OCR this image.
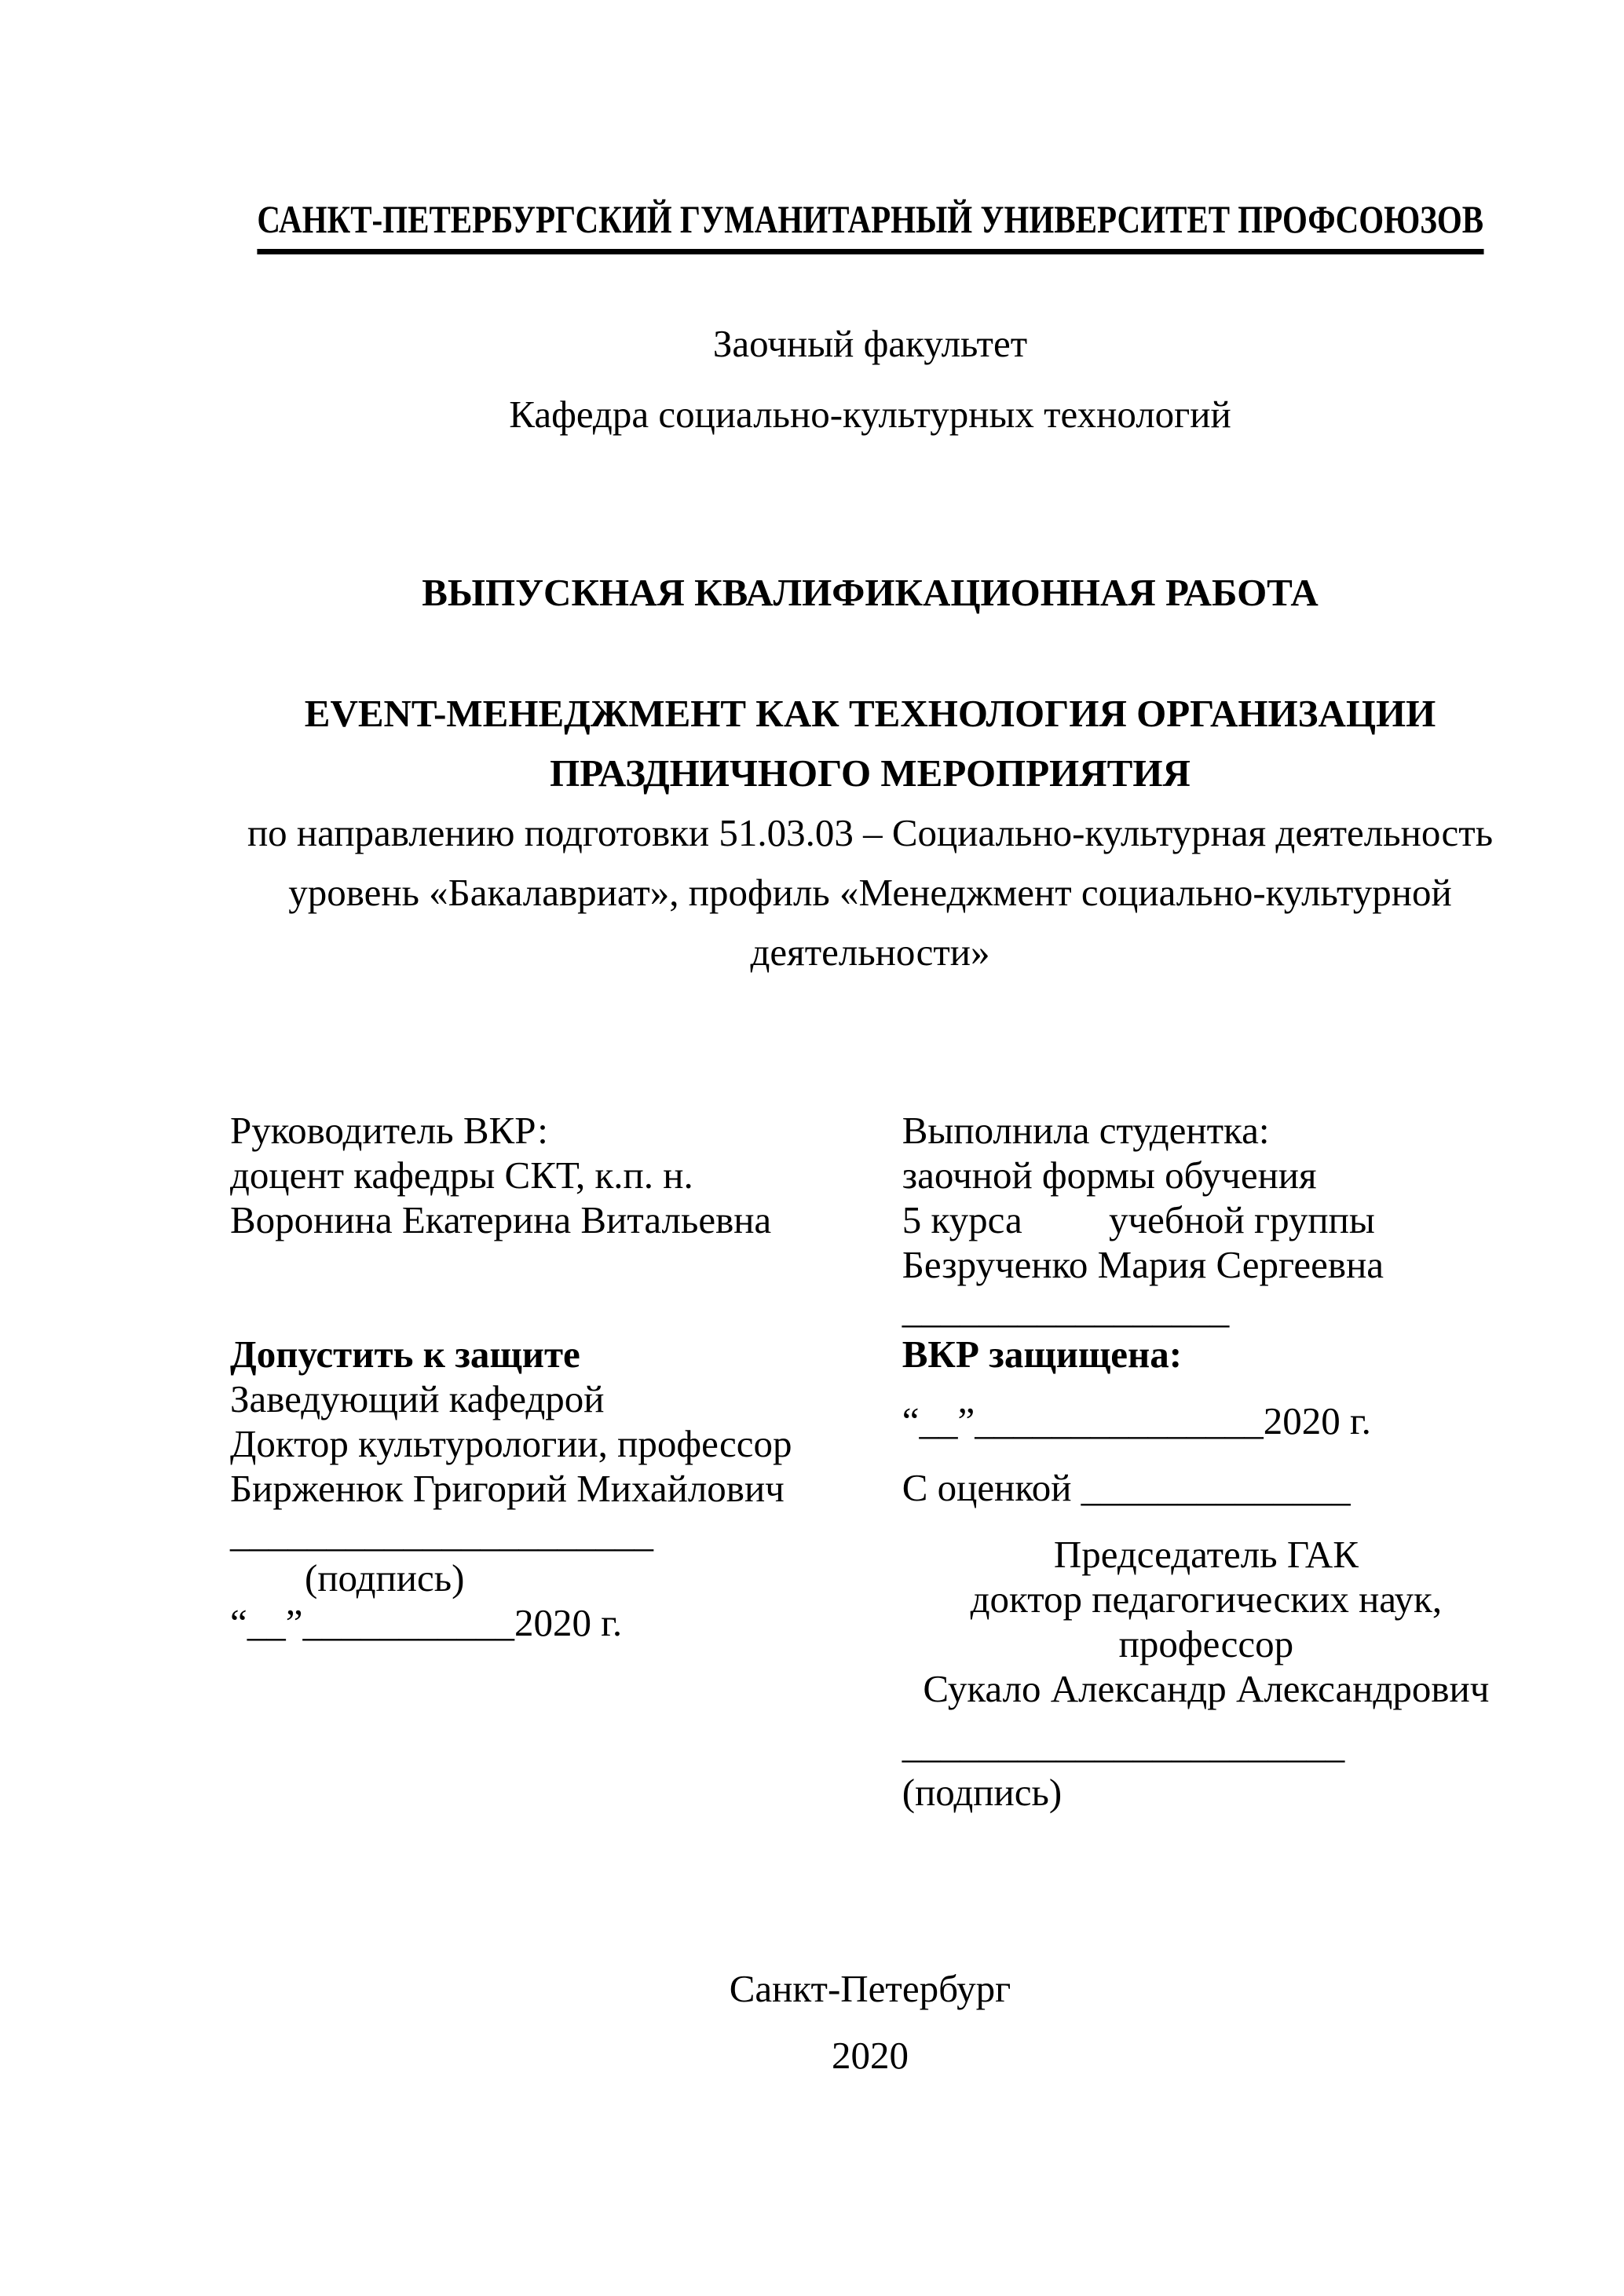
САНКТ-ПЕТЕРБУРГСКИЙ ГУМАНИТАРНЫЙ УНИВЕРСИТЕТ ПРОФСОЮЗОВ

Заочный факультет

Кафедра социально-культурных технологий

ВЫПУСКНАЯ КВАЛИФИКАЦИОННАЯ РАБОТА

EVENT-МЕНЕДЖМЕНТ КАК ТЕХНОЛОГИЯ ОРГАНИЗАЦИИ

ПРАЗДНИЧНОГО МЕРОПРИЯТИЯ

по направлению подготовки 51.03.03 – Социально-культурная деятельность

уровень «Бакалавриат», профиль «Менеджмент социально-культурной

деятельности»

Руководитель ВКР:

доцент кафедры СКТ, к.п. н.

Воронина Екатерина Витальевна

Допустить к защите

Заведующий кафедрой

Доктор культурологии, профессор

Бирженюк Григорий Михайлович

______________________

(подпись)

“__”___________2020 г.

Выполнила студентка:

заочной формы обучения

5 курса         учебной группы

Безрученко Мария Сергеевна

_________________

ВКР защищена:

“__”_______________2020 г.

С оценкой ______________

Председатель ГАК

доктор педагогических наук,

профессор

Сукало Александр Александрович

_______________________

(подпись)

Санкт-Петербург

2020
